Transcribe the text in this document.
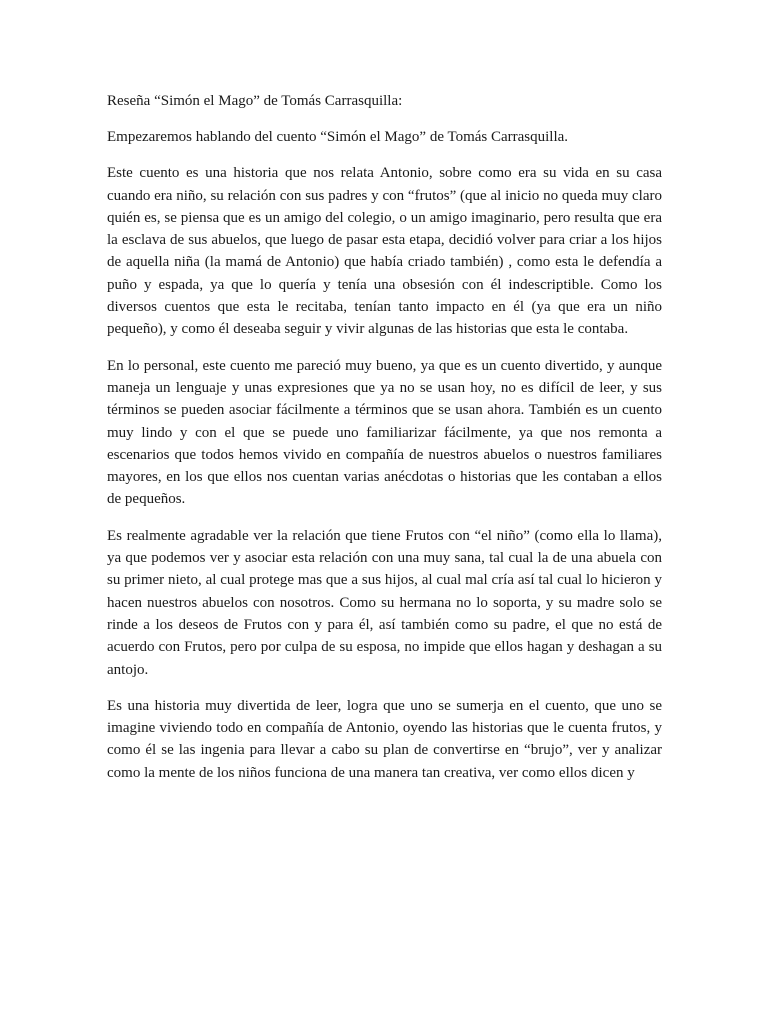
Reseña “Simón el Mago” de Tomás Carrasquilla:

Empezaremos hablando del cuento “Simón el Mago” de Tomás Carrasquilla.

Este cuento es una historia que nos relata Antonio, sobre como era su vida en su casa cuando era niño, su relación con sus padres y con “frutos” (que al inicio no queda muy claro quién es, se piensa que es un amigo del colegio, o un amigo imaginario, pero resulta que era la esclava de sus abuelos, que luego de pasar esta etapa, decidió volver para criar a los hijos de aquella niña (la mamá de Antonio) que había criado también) , como esta le defendía a puño y espada, ya que lo quería y tenía una obsesión con él indescriptible. Como los diversos cuentos que esta le recitaba, tenían tanto impacto en él (ya que era un niño pequeño), y como él deseaba seguir y vivir algunas de las historias que esta le contaba.

En lo personal, este cuento me pareció muy bueno, ya que es un cuento divertido, y aunque maneja un lenguaje y unas expresiones que ya no se usan hoy, no es difícil de leer, y sus términos se pueden asociar fácilmente a términos que se usan ahora. También es un cuento muy lindo y con el que se puede uno familiarizar fácilmente, ya que nos remonta a escenarios que todos hemos vivido en compañía de nuestros abuelos o nuestros familiares mayores, en los que ellos nos cuentan varias anécdotas o historias que les contaban a ellos de pequeños.

Es realmente agradable ver la relación que tiene Frutos con “el niño” (como ella lo llama), ya que podemos ver y asociar esta relación con una muy sana, tal cual la de una abuela con su primer nieto, al cual protege mas que a sus hijos, al cual mal cría así tal cual lo hicieron y hacen nuestros abuelos con nosotros. Como su hermana no lo soporta, y su madre solo se rinde a los deseos de Frutos con y para él, así también como su padre, el que no está de acuerdo con Frutos, pero por culpa de su esposa, no impide que ellos hagan y deshagan a su antojo.

Es una historia muy divertida de leer, logra que uno se sumerja en el cuento, que uno se imagine viviendo todo en compañía de Antonio, oyendo las historias que le cuenta frutos, y como él se las ingenia para llevar a cabo su plan de convertirse en “brujo”, ver y analizar como la mente de los niños funciona de una manera tan creativa, ver como ellos dicen y
